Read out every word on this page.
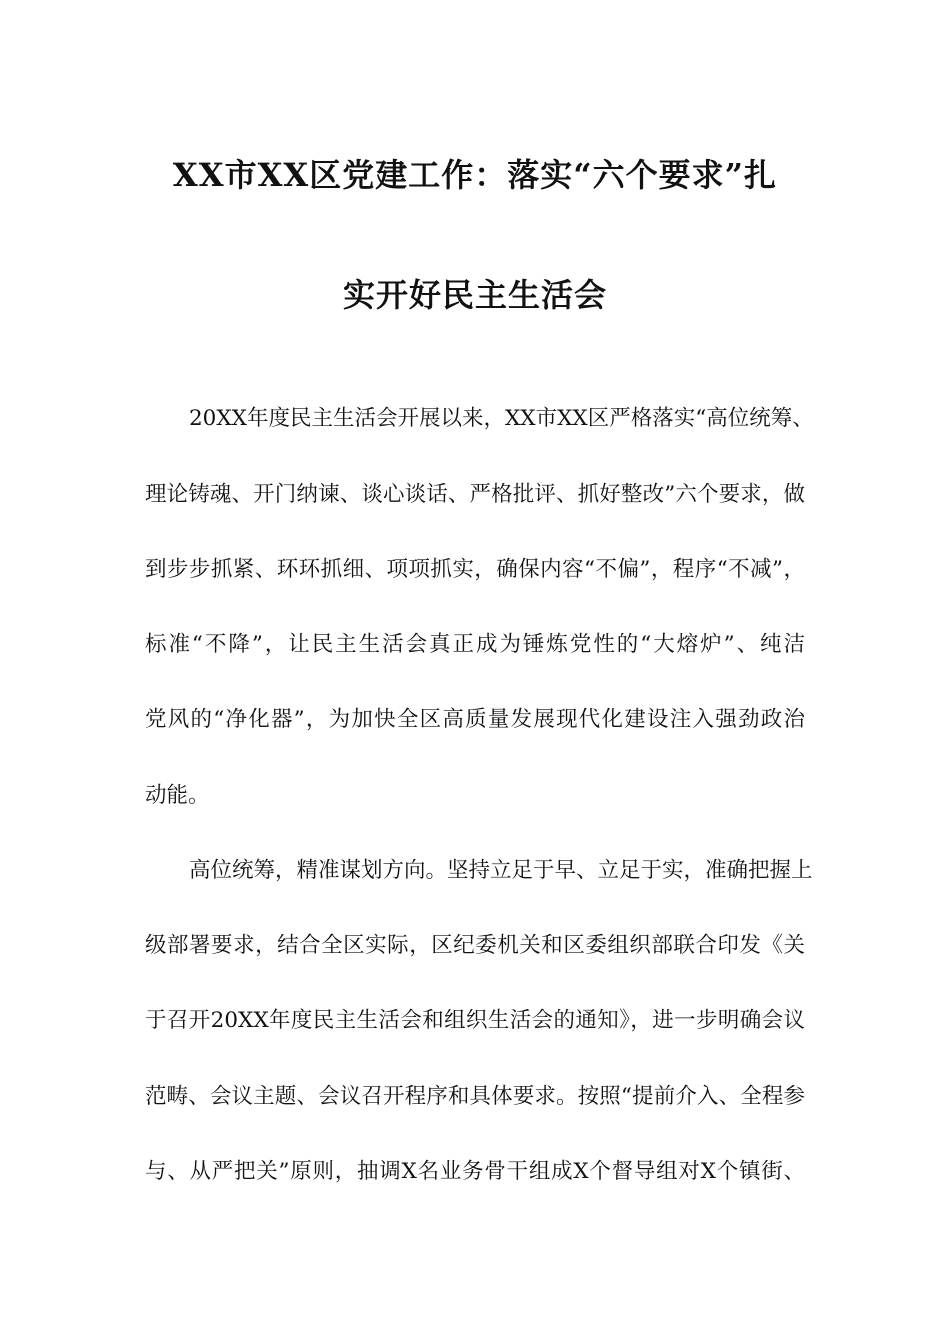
XX市XX区党建工作：落实“六个要求”扎
实开好民主生活会
20XX年度民主生活会开展以来，XX市XX区严格落实“高位统筹、
理论铸魂、开门纳谏、谈心谈话、严格批评、抓好整改”六个要求，做
到步步抓紧、环环抓细、项项抓实，确保内容“不偏”，程序“不减”，
标准“不降”，让民主生活会真正成为锤炼党性的“大熔炉”、纯洁
党风的“净化器”，为加快全区高质量发展现代化建设注入强劲政治
动能。
高位统筹，精准谋划方向。坚持立足于早、立足于实，准确把握上
级部署要求，结合全区实际，区纪委机关和区委组织部联合印发《关
于召开20XX年度民主生活会和组织生活会的通知》，进一步明确会议
范畴、会议主题、会议召开程序和具体要求。按照“提前介入、全程参
与、从严把关”原则，抽调X名业务骨干组成X个督导组对X个镇街、
